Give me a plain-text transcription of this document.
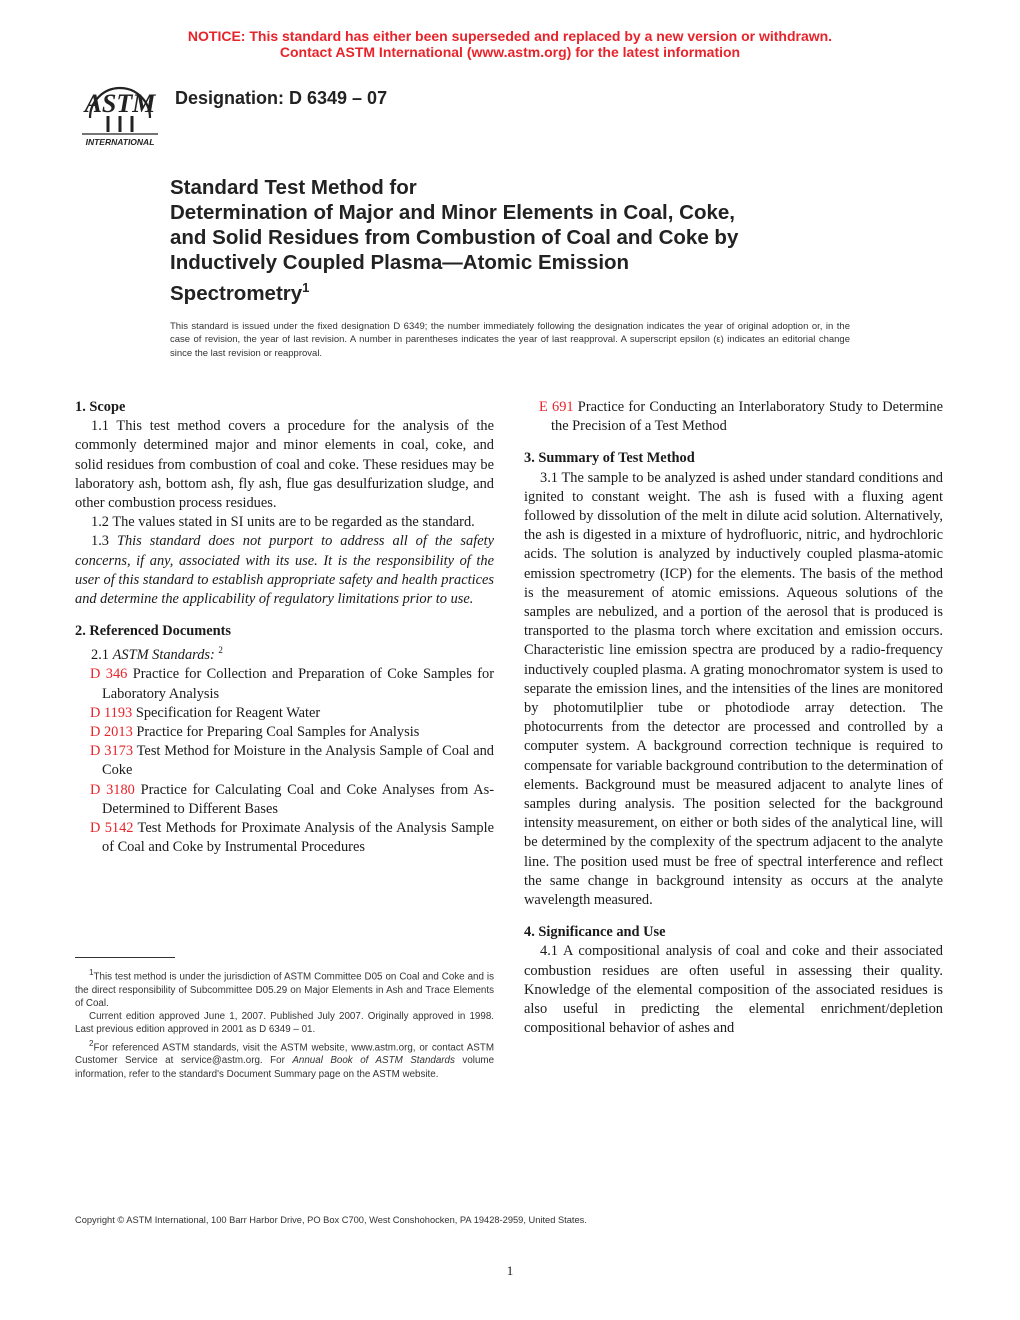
NOTICE: This standard has either been superseded and replaced by a new version or withdrawn.
Contact ASTM International (www.astm.org) for the latest information
ASTM
INTERNATIONAL
Designation: D 6349 – 07
Standard Test Method for
Determination of Major and Minor Elements in Coal, Coke,
and Solid Residues from Combustion of Coal and Coke by
Inductively Coupled Plasma—Atomic Emission
Spectrometry$^1$
This standard is issued under the fixed designation D 6349; the number immediately following the designation indicates the year of original adoption or, in the case of revision, the year of last revision. A number in parentheses indicates the year of last reapproval. A superscript epsilon (ε) indicates an editorial change since the last revision or reapproval.

1. Scope

1.1 This test method covers a procedure for the analysis of the commonly determined major and minor elements in coal, coke, and solid residues from combustion of coal and coke. These residues may be laboratory ash, bottom ash, fly ash, flue gas desulfurization sludge, and other combustion process residues.

1.2 The values stated in SI units are to be regarded as the standard.

1.3 This standard does not purport to address all of the safety concerns, if any, associated with its use. It is the responsibility of the user of this standard to establish appropriate safety and health practices and determine the applicability of regulatory limitations prior to use.

2. Referenced Documents

2.1 ASTM Standards: $^2$

D 346 Practice for Collection and Preparation of Coke Samples for Laboratory Analysis

D 1193 Specification for Reagent Water

D 2013 Practice for Preparing Coal Samples for Analysis

D 3173 Test Method for Moisture in the Analysis Sample of Coal and Coke

D 3180 Practice for Calculating Coal and Coke Analyses from As-Determined to Different Bases

D 5142 Test Methods for Proximate Analysis of the Analysis Sample of Coal and Coke by Instrumental Procedures

$^1$This test method is under the jurisdiction of ASTM Committee D05 on Coal and Coke and is the direct responsibility of Subcommittee D05.29 on Major Elements in Ash and Trace Elements of Coal.

Current edition approved June 1, 2007. Published July 2007. Originally approved in 1998. Last previous edition approved in 2001 as D 6349 – 01.

$^2$For referenced ASTM standards, visit the ASTM website, www.astm.org, or contact ASTM Customer Service at service@astm.org. For Annual Book of ASTM Standards volume information, refer to the standard's Document Summary page on the ASTM website.

E 691 Practice for Conducting an Interlaboratory Study to Determine the Precision of a Test Method

3. Summary of Test Method

3.1 The sample to be analyzed is ashed under standard conditions and ignited to constant weight. The ash is fused with a fluxing agent followed by dissolution of the melt in dilute acid solution. Alternatively, the ash is digested in a mixture of hydrofluoric, nitric, and hydrochloric acids. The solution is analyzed by inductively coupled plasma-atomic emission spectrometry (ICP) for the elements. The basis of the method is the measurement of atomic emissions. Aqueous solutions of the samples are nebulized, and a portion of the aerosol that is produced is transported to the plasma torch where excitation and emission occurs. Characteristic line emission spectra are produced by a radio-frequency inductively coupled plasma. A grating monochromator system is used to separate the emission lines, and the intensities of the lines are monitored by photomutilplier tube or photodiode array detection. The photocurrents from the detector are processed and controlled by a computer system. A background correction technique is required to compensate for variable background contribution to the determination of elements. Background must be measured adjacent to analyte lines of samples during analysis. The position selected for the background intensity measurement, on either or both sides of the analytical line, will be determined by the complexity of the spectrum adjacent to the analyte line. The position used must be free of spectral interference and reflect the same change in background intensity as occurs at the analyte wavelength measured.

4. Significance and Use

4.1 A compositional analysis of coal and coke and their associated combustion residues are often useful in assessing their quality. Knowledge of the elemental composition of the associated residues is also useful in predicting the elemental enrichment/depletion compositional behavior of ashes and

Copyright © ASTM International, 100 Barr Harbor Drive, PO Box C700, West Conshohocken, PA 19428-2959, United States.
1
